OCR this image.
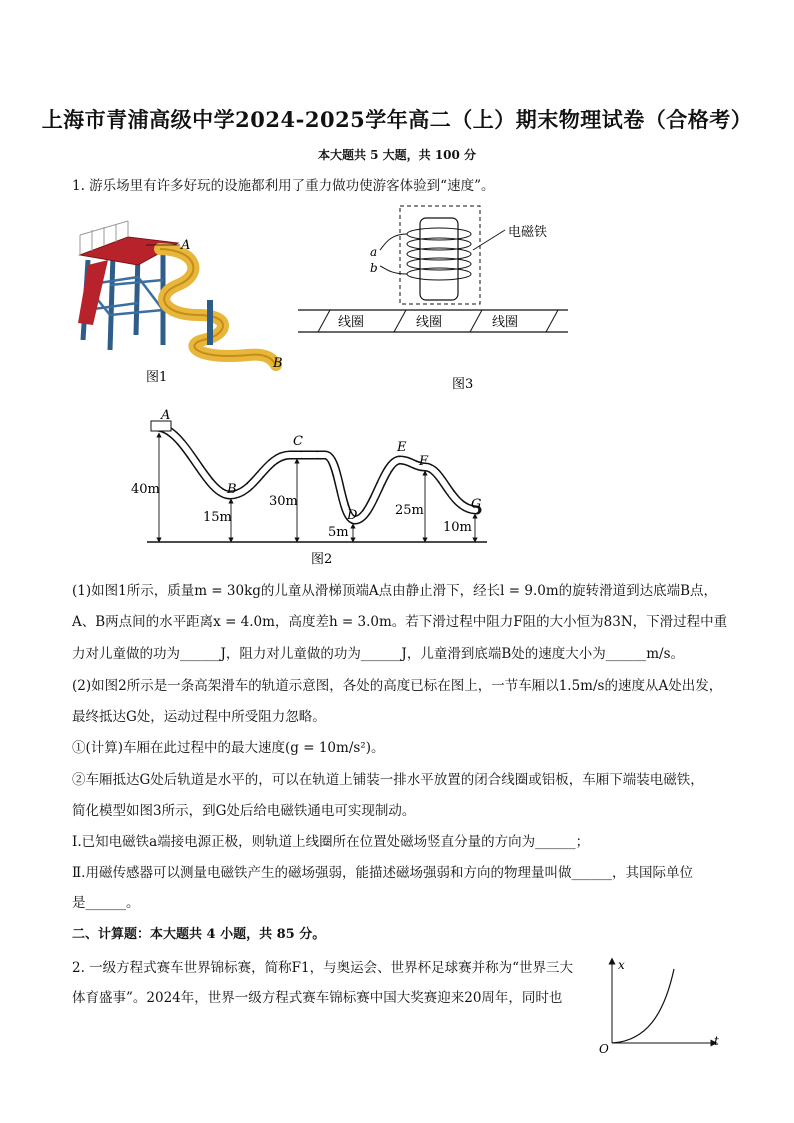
上海市青浦高级中学2024-2025学年高二（上）期末物理试卷（合格考）
本大题共 5 大题，共 100 分
1. 游乐场里有许多好玩的设施都利用了重力做功使游客体验到“速度”。
A
B
图1
电磁铁
a
b
线圈	线圈	线圈
图3
A
B
C
D
E
F
G
40m
15m
30m
5m
25m
10m
图2
(1)如图1所示，质量m = 30kg的儿童从滑梯顶端A点由静止滑下，经长l = 9.0m的旋转滑道到达底端B点，
A、B两点间的水平距离x = 4.0m，高度差h = 3.0m。若下滑过程中阻力F阻的大小恒为83N，下滑过程中重
力对儿童做的功为______J，阻力对儿童做的功为______J，儿童滑到底端B处的速度大小为______m/s。
(2)如图2所示是一条高架滑车的轨道示意图，各处的高度已标在图上，一节车厢以1.5m/s的速度从A处出发，
最终抵达G处，运动过程中所受阻力忽略。
①(计算)车厢在此过程中的最大速度(g = 10m/s²)。
②车厢抵达G处后轨道是水平的，可以在轨道上铺装一排水平放置的闭合线圈或铝板，车厢下端装电磁铁，
简化模型如图3所示，到G处后给电磁铁通电可实现制动。
Ⅰ.已知电磁铁a端接电源正极，则轨道上线圈所在位置处磁场竖直分量的方向为______；
Ⅱ.用磁传感器可以测量电磁铁产生的磁场强弱，能描述磁场强弱和方向的物理量叫做______，其国际单位
是______。
二、计算题：本大题共 4 小题，共 85 分。
2. 一级方程式赛车世界锦标赛，简称F1，与奥运会、世界杯足球赛并称为“世界三大
体育盛事”。2024年，世界一级方程式赛车锦标赛中国大奖赛迎来20周年，同时也
x
t
O
